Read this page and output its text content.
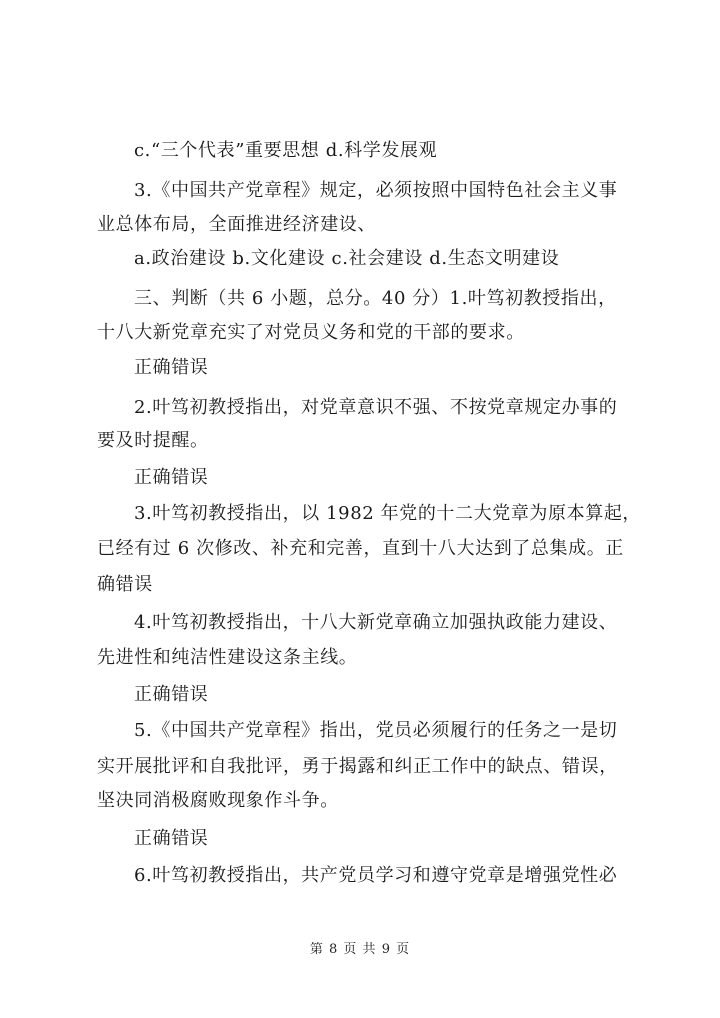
c.“三个代表”重要思想 d.科学发展观
3.《中国共产党章程》规定，必须按照中国特色社会主义事
业总体布局，全面推进经济建设、
a.政治建设 b.文化建设 c.社会建设 d.生态文明建设
三、判断（共 6 小题，总分。40 分）1.叶笃初教授指出，
十八大新党章充实了对党员义务和党的干部的要求。
正确错误
2.叶笃初教授指出，对党章意识不强、不按党章规定办事的
要及时提醒。
正确错误
3.叶笃初教授指出，以 1982 年党的十二大党章为原本算起，
已经有过 6 次修改、补充和完善，直到十八大达到了总集成。正
确错误
4.叶笃初教授指出，十八大新党章确立加强执政能力建设、
先进性和纯洁性建设这条主线。
正确错误
5.《中国共产党章程》指出，党员必须履行的任务之一是切
实开展批评和自我批评，勇于揭露和纠正工作中的缺点、错误，
坚决同消极腐败现象作斗争。
正确错误
6.叶笃初教授指出，共产党员学习和遵守党章是增强党性必
第 8 页 共 9 页
